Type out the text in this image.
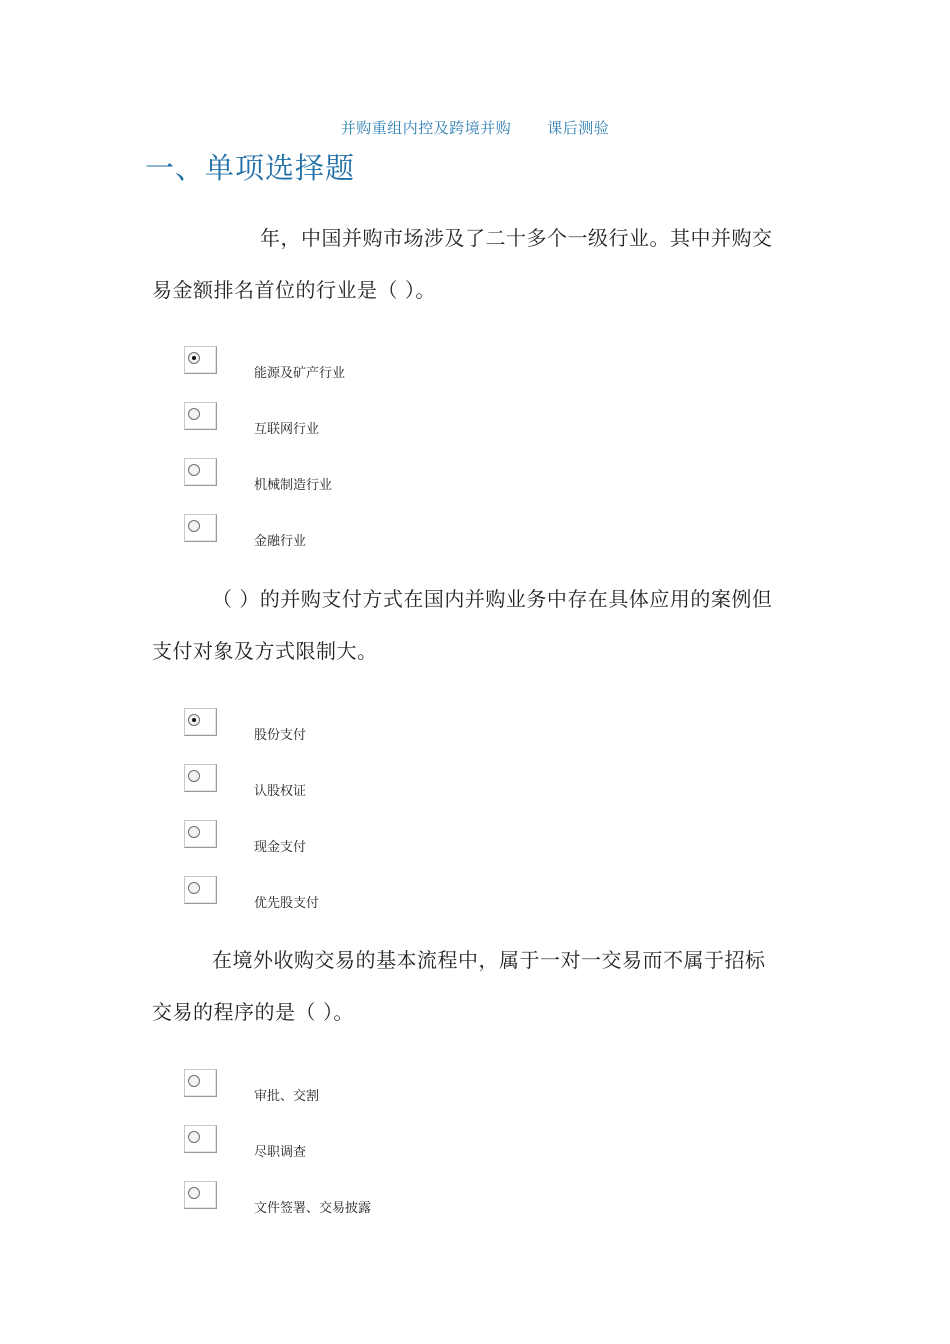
并购重组内控及跨境并购 课后测验
一、单项选择题
年，中国并购市场涉及了二十多个一级行业。其中并购交
易金额排名首位的行业是（ ）。
能源及矿产行业
互联网行业
机械制造行业
金融行业
（ ）的并购支付方式在国内并购业务中存在具体应用的案例但
支付对象及方式限制大。
股份支付
认股权证
现金支付
优先股支付
在境外收购交易的基本流程中，属于一对一交易而不属于招标
交易的程序的是（ ）。
审批、交割
尽职调查
文件签署、交易披露
